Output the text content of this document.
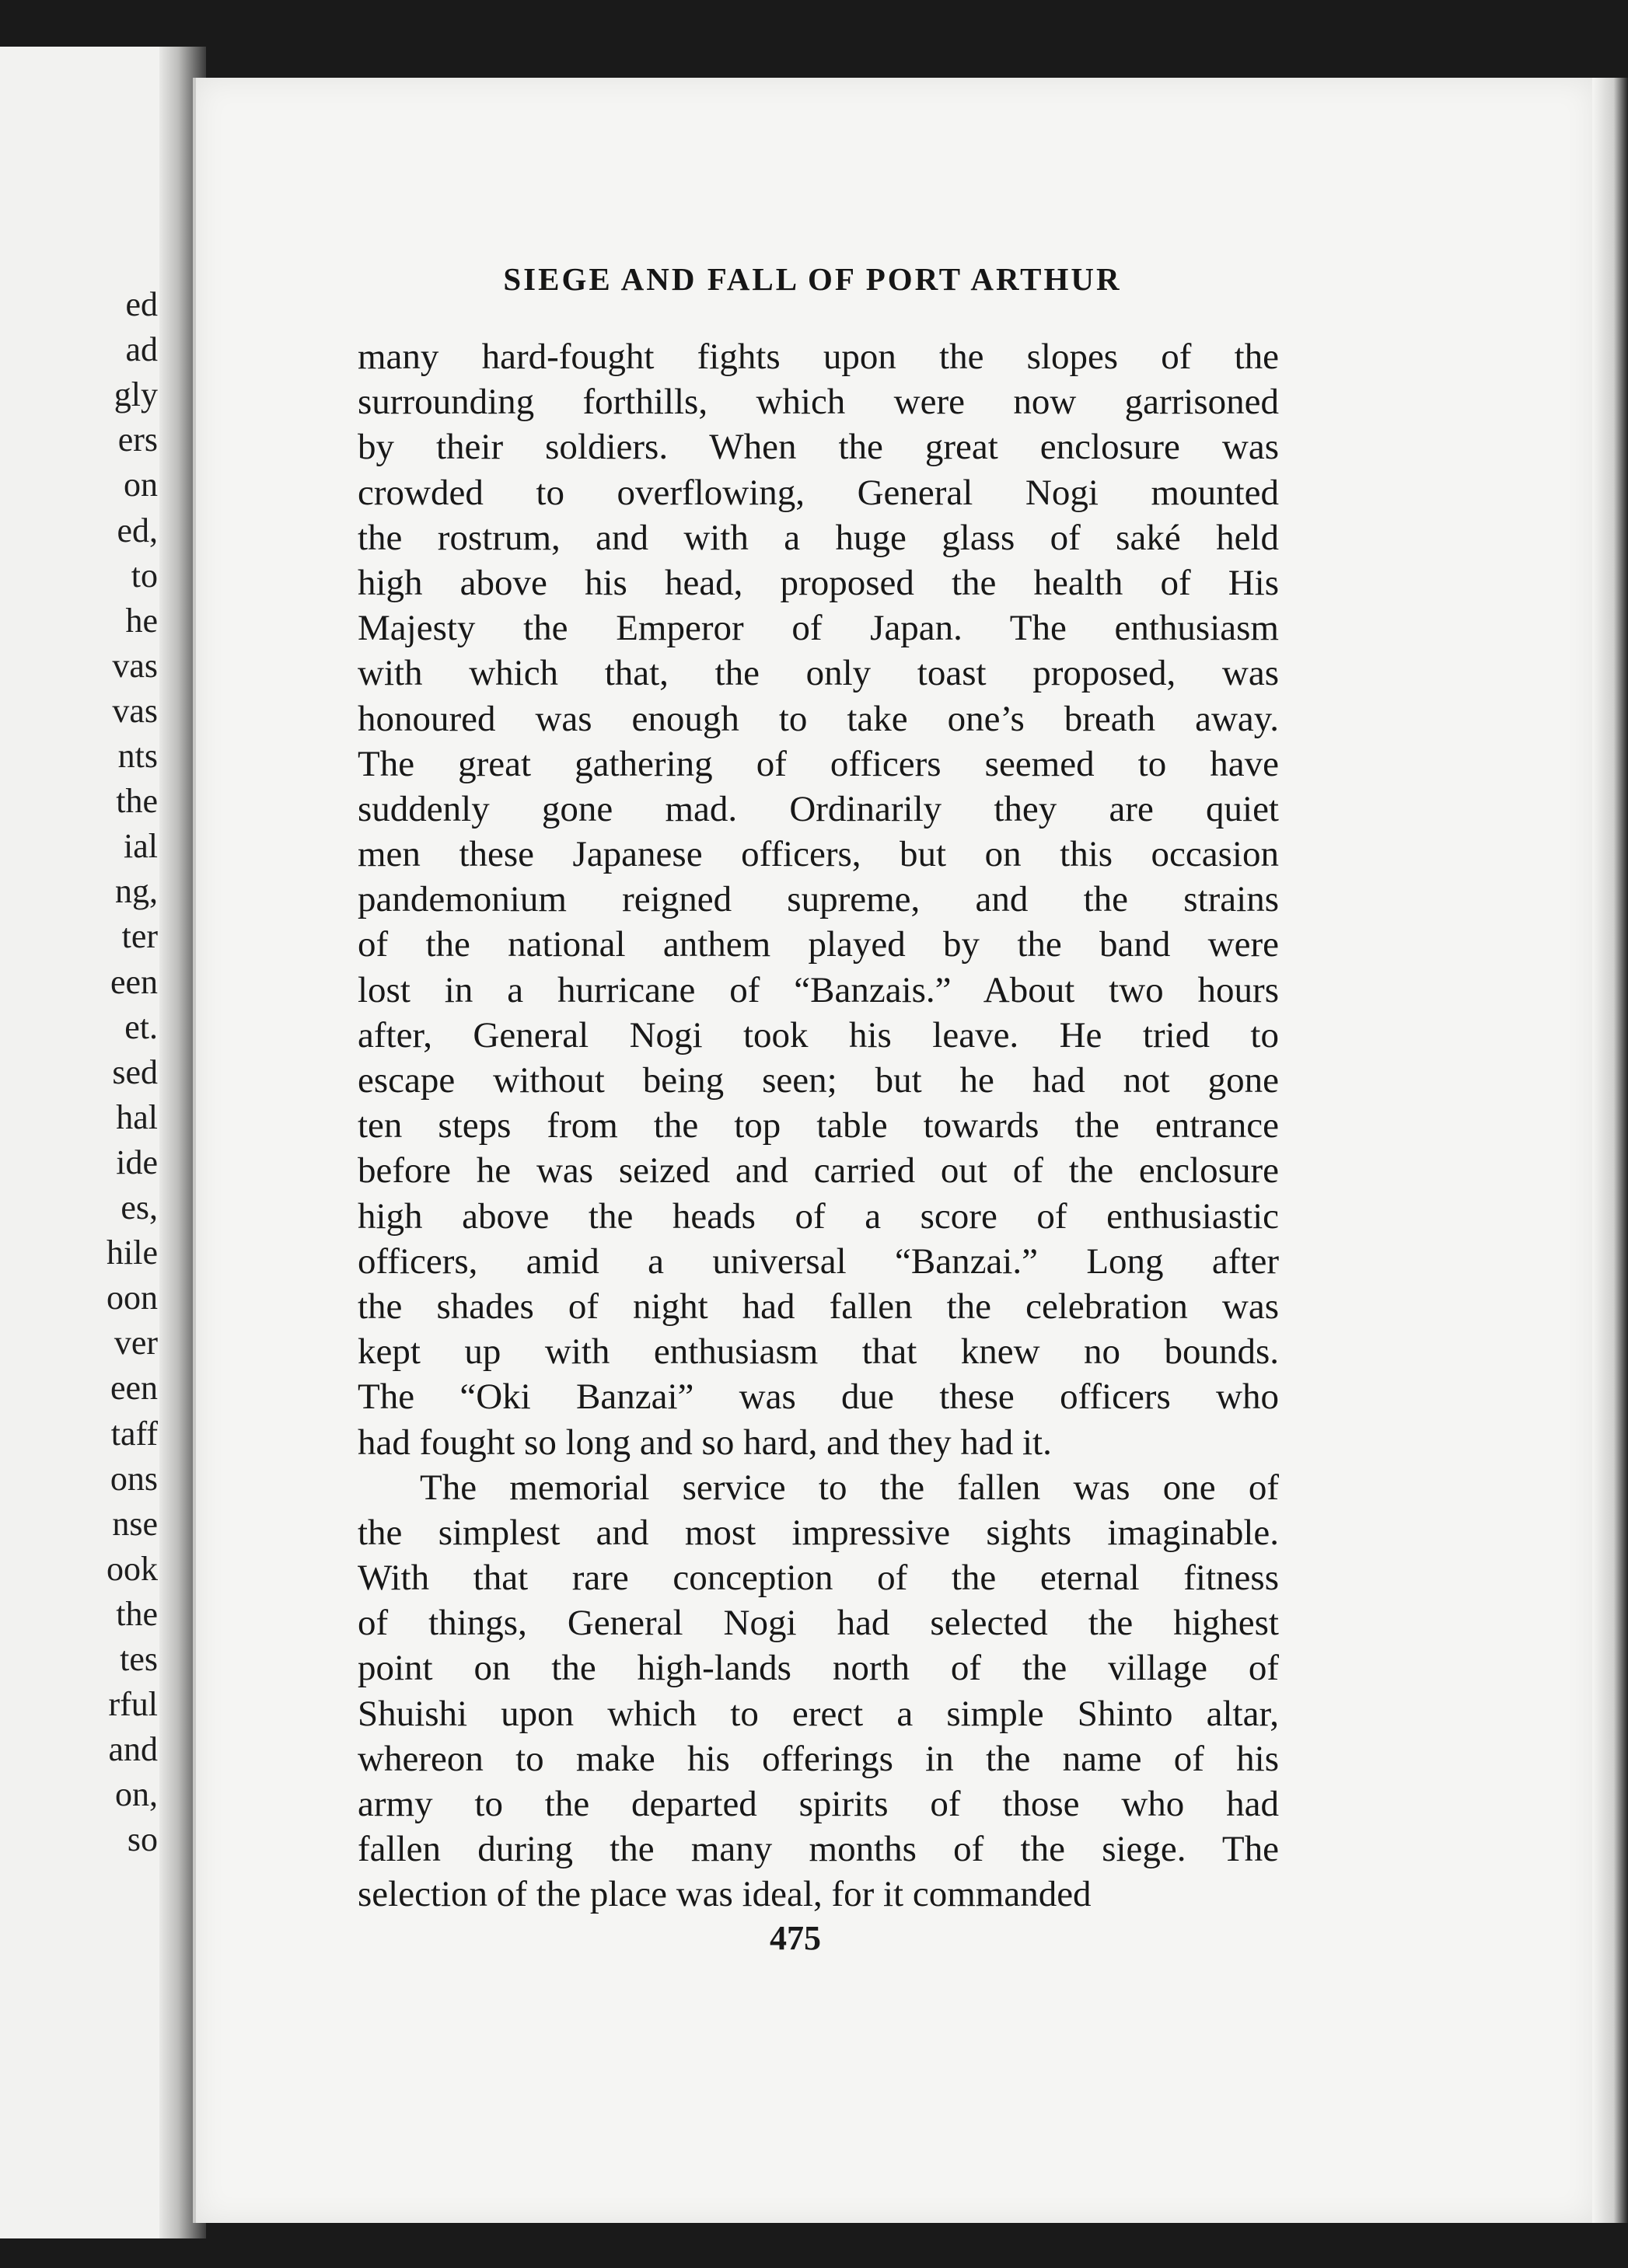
ed
ad
gly
ers
on
ed,
to
he
vas
vas
nts
the
ial
ng,
ter
een
et.
sed
hal
ide
es,
hile
oon
ver
een
taff
ons
nse
ook
the
tes
rful
and
on,
so
SIEGE AND FALL OF PORT ARTHUR
many hard-fought fights upon the slopes of the
surrounding forthills, which were now garrisoned
by their soldiers. When the great enclosure was
crowded to overflowing, General Nogi mounted
the rostrum, and with a huge glass of saké held
high above his head, proposed the health of His
Majesty the Emperor of Japan. The enthusiasm
with which that, the only toast proposed, was
honoured was enough to take one’s breath away.
The great gathering of officers seemed to have
suddenly gone mad. Ordinarily they are quiet
men these Japanese officers, but on this occasion
pandemonium reigned supreme, and the strains
of the national anthem played by the band were
lost in a hurricane of “Banzais.” About two hours
after, General Nogi took his leave. He tried to
escape without being seen; but he had not gone
ten steps from the top table towards the entrance
before he was seized and carried out of the enclosure
high above the heads of a score of enthusiastic
officers, amid a universal “Banzai.” Long after
the shades of night had fallen the celebration was
kept up with enthusiasm that knew no bounds.
The “Oki Banzai” was due these officers who
had fought so long and so hard, and they had it.
The memorial service to the fallen was one of
the simplest and most impressive sights imaginable.
With that rare conception of the eternal fitness
of things, General Nogi had selected the highest
point on the high-lands north of the village of
Shuishi upon which to erect a simple Shinto altar,
whereon to make his offerings in the name of his
army to the departed spirits of those who had
fallen during the many months of the siege. The
selection of the place was ideal, for it commanded
475
